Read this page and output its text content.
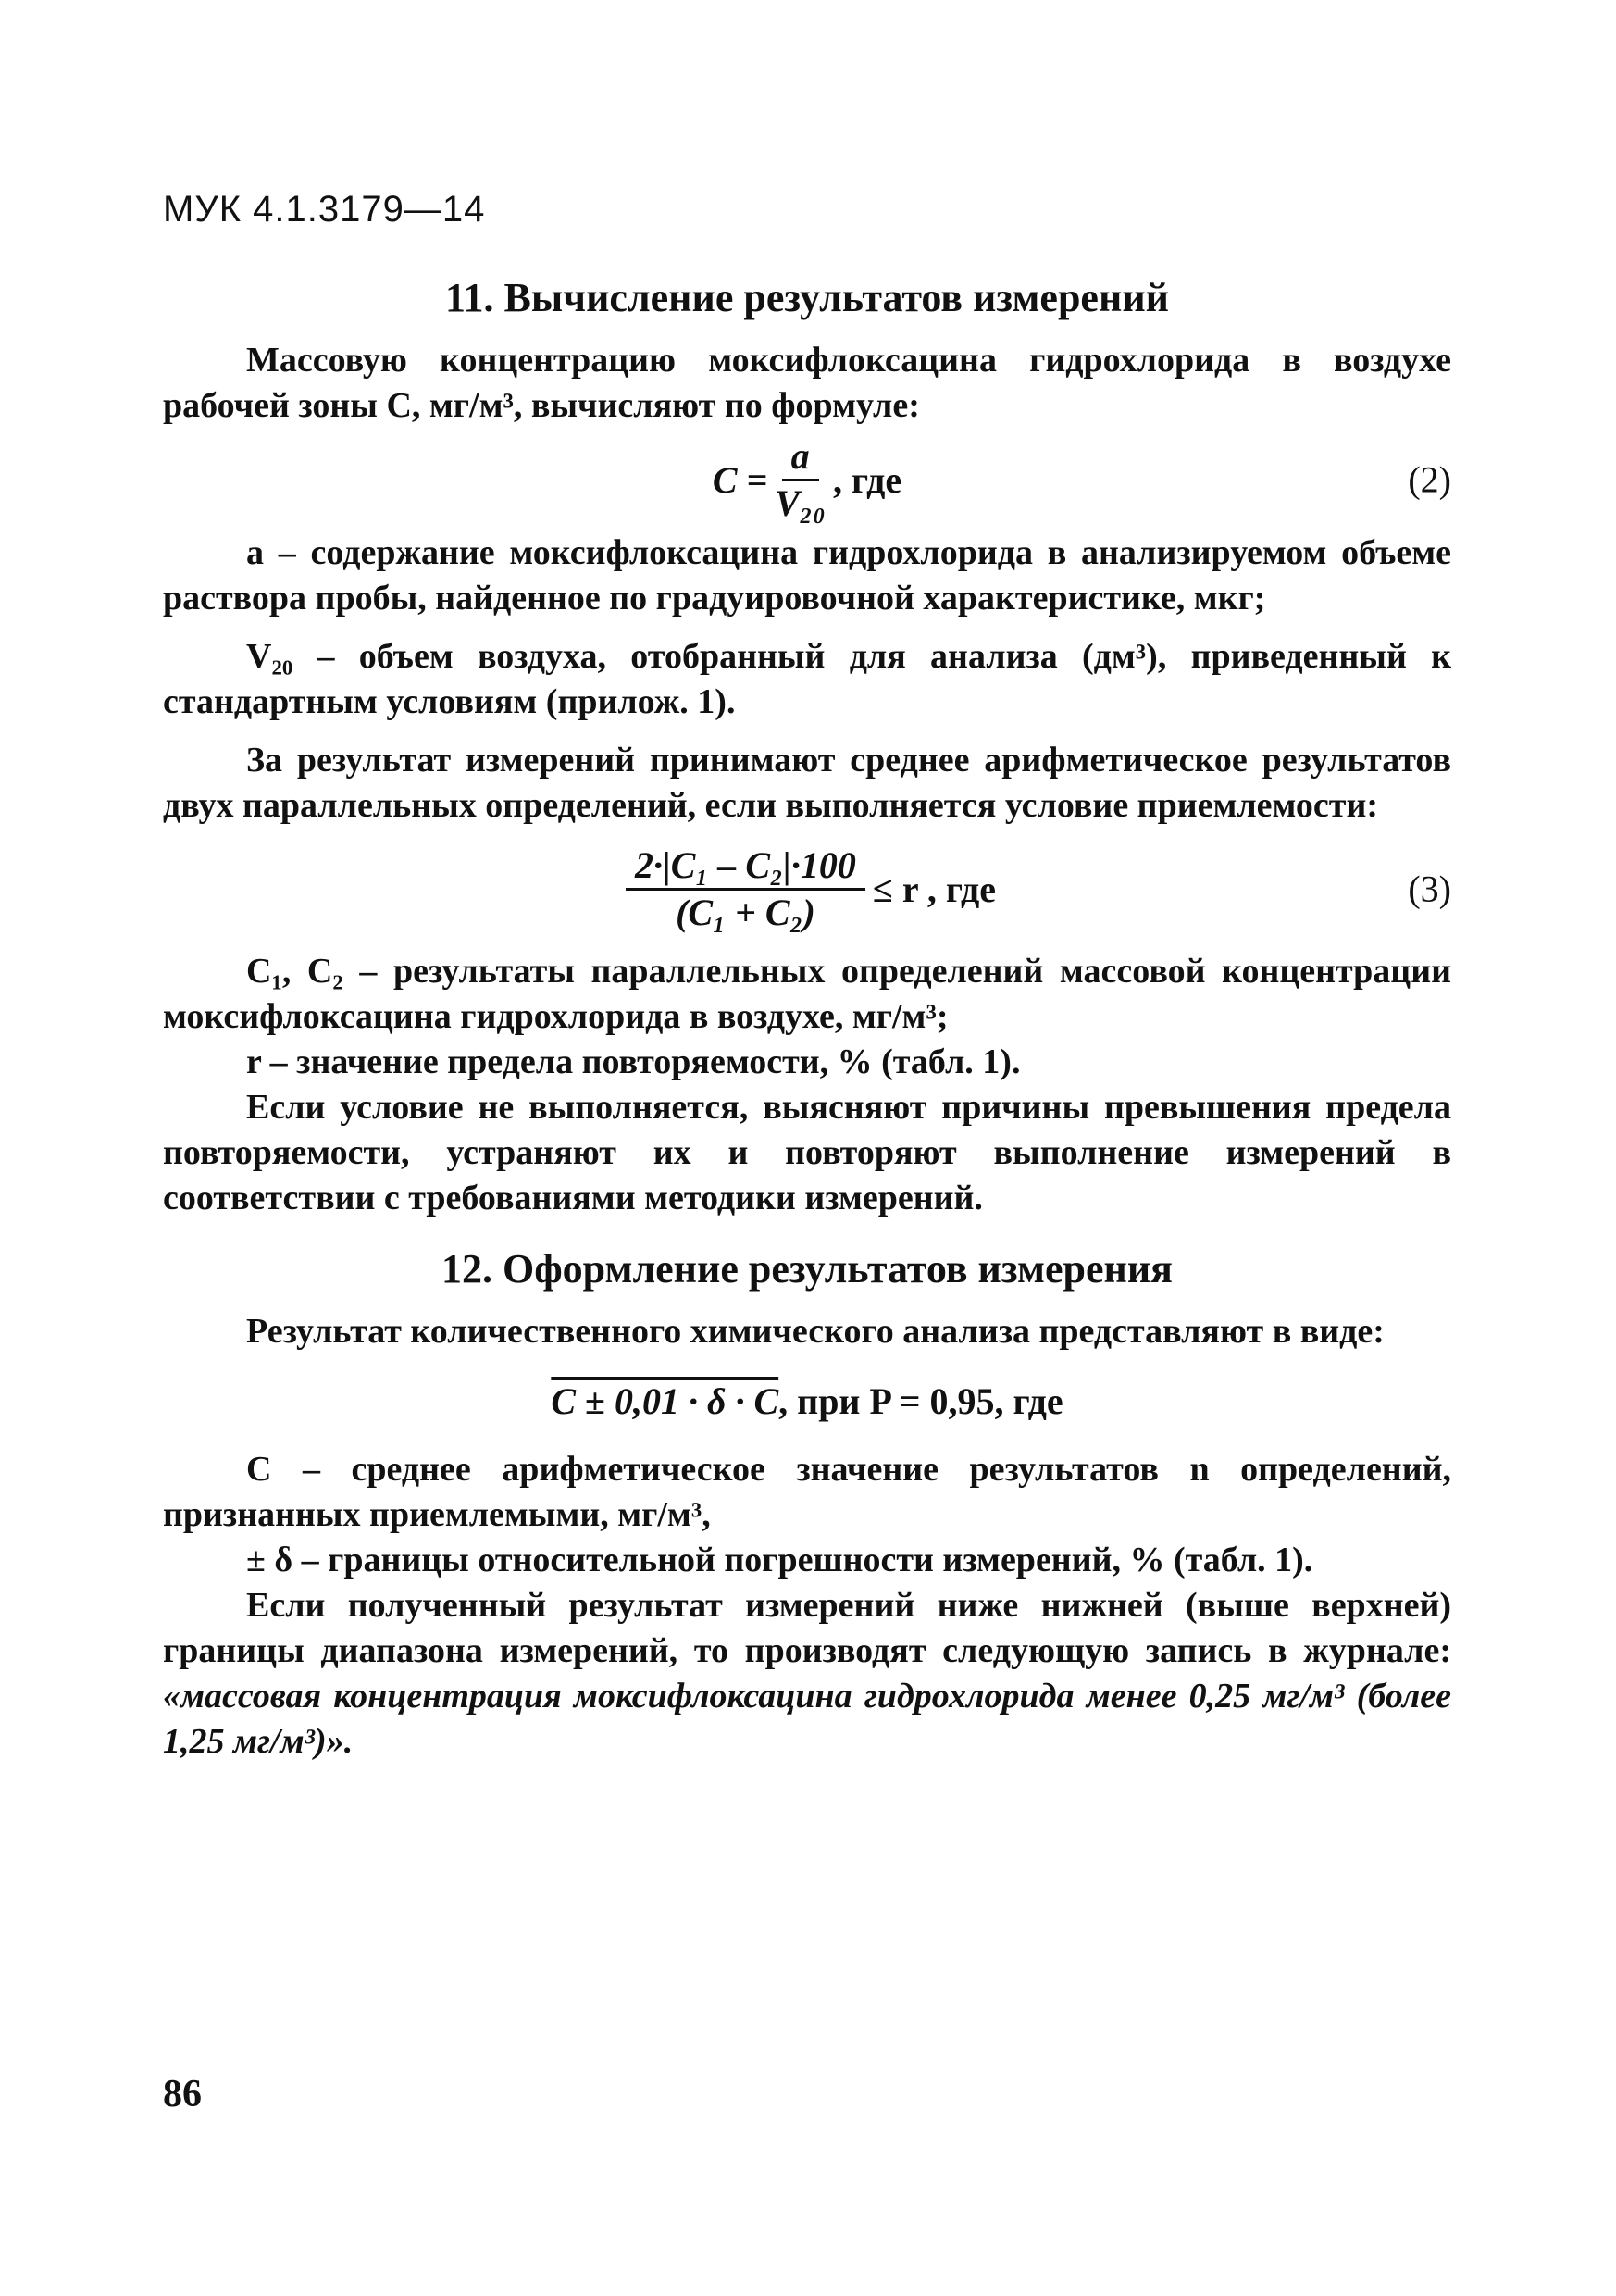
МУК 4.1.3179—14
11. Вычисление результатов измерений

Массовую концентрацию моксифлоксацина гидрохлорида в воздухе рабочей зоны С, мг/м³, вычисляют по формуле:

$С = \frac{a}{\text{V₂₀}}$ , где	(2)

а – содержание моксифлоксацина гидрохлорида в анализируемом объеме раствора пробы, найденное по градуировочной характеристике, мкг;

V₂₀ – объем воздуха, отобранный для анализа (дм³), приведенный к стандартным условиям (прилож. 1).

За результат измерений принимают среднее арифметическое результатов двух параллельных определений, если выполняется условие приемлемости:

$\frac{\text{2·|C₁ – C₂|·100}}{\text{(C₁ + C₂)}} \le r$ , где	(3)

С₁, С₂ – результаты параллельных определений массовой концентрации моксифлоксацина гидрохлорида в воздухе, мг/м³;

r – значение предела повторяемости, % (табл. 1).

Если условие не выполняется, выясняют причины превышения предела повторяемости, устраняют их и повторяют выполнение измерений в соответствии с требованиями методики измерений.

12. Оформление результатов измерения

Результат количественного химического анализа представляют в виде:

C ± 0,01 · δ · C , при P = 0,95, где

С – среднее арифметическое значение результатов n определений, признанных приемлемыми, мг/м³,

± δ – границы относительной погрешности измерений, % (табл. 1).

Если полученный результат измерений ниже нижней (выше верхней) границы диапазона измерений, то производят следующую запись в журнале: «массовая концентрация моксифлоксацина гидрохлорида менее 0,25 мг/м³ (более 1,25 мг/м³)».

86
